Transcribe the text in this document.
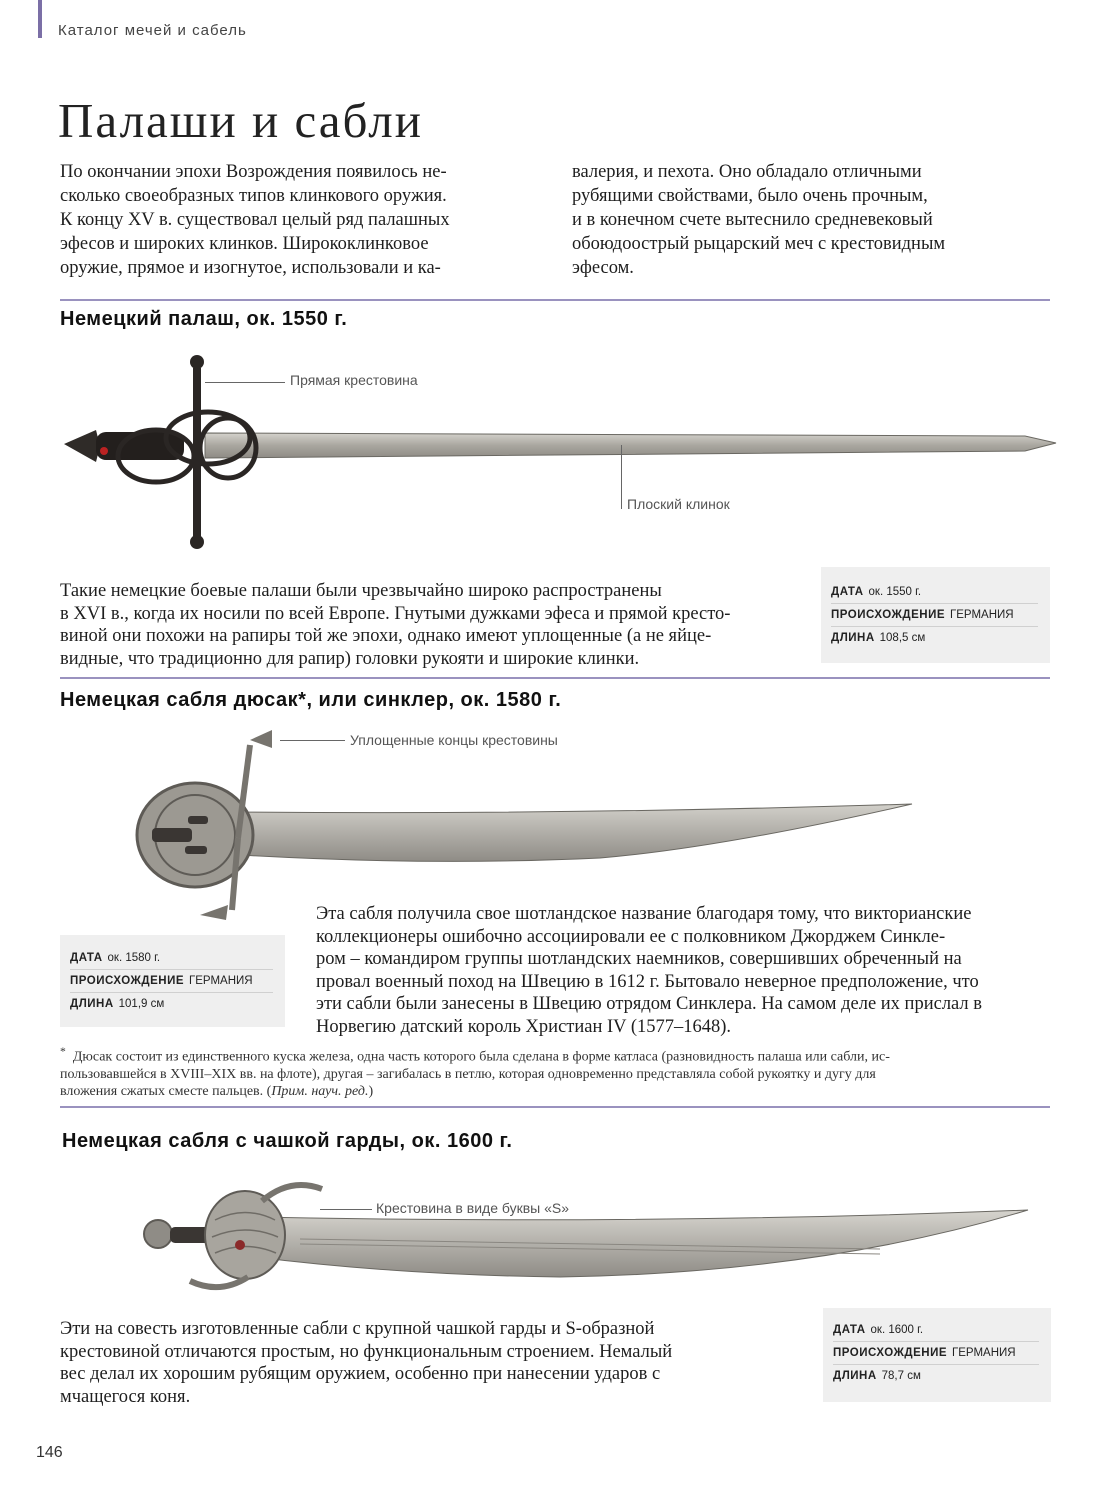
Каталог мечей и сабель
Палаши и сабли
По окончании эпохи Возрождения появилось не-
сколько своеобразных типов клинкового оружия.
К концу XV в. существовал целый ряд палашных
эфесов и широких клинков. Ширококлинковое
оружие, прямое и изогнутое, использовали и ка-
валерия, и пехота. Оно обладало отличными
рубящими свойствами, было очень прочным,
и в конечном счете вытеснило средневековый
обоюдоострый рыцарский меч с крестовидным
эфесом.
Немецкий палаш, ок. 1550 г.
Прямая крестовина
Плоский клинок
Такие немецкие боевые палаши были чрезвычайно широко распространены
в XVI в., когда их носили по всей Европе. Гнутыми дужками эфеса и прямой кресто-
виной они похожи на рапиры той же эпохи, однако имеют уплощенные (а не яйце-
видные, что традиционно для рапир) головки рукояти и широкие клинки.
ДАТА ок. 1550 г.
ПРОИСХОЖДЕНИЕ ГЕРМАНИЯ
ДЛИНА 108,5 см
Немецкая сабля дюсак*, или синклер, ок. 1580 г.
Уплощенные концы крестовины
Эта сабля получила свое шотландское название благодаря тому, что викторианские
коллекционеры ошибочно ассоциировали ее с полковником Джорджем Синкле-
ром – командиром группы шотландских наемников, совершивших обреченный на
провал военный поход на Швецию в 1612 г. Бытовало неверное предположение, что
эти сабли были занесены в Швецию отрядом Синклера. На самом деле их прислал в
Норвегию датский король Христиан IV (1577–1648).
ДАТА ок. 1580 г.
ПРОИСХОЖДЕНИЕ ГЕРМАНИЯ
ДЛИНА 101,9 см
* Дюсак состоит из единственного куска железа, одна часть которого была сделана в форме катласа (разновидность палаша или сабли, ис-
пользовавшейся в XVIII–XIX вв. на флоте), другая – загибалась в петлю, которая одновременно представляла собой рукоятку и дугу для
вложения сжатых сместе пальцев. (Прим. науч. ред.)
Немецкая сабля с чашкой гарды, ок. 1600 г.
Крестовина в виде буквы «S»
Эти на совесть изготовленные сабли с крупной чашкой гарды и S-образной
крестовиной отличаются простым, но функциональным строением. Немалый
вес делал их хорошим рубящим оружием, особенно при нанесении ударов с
мчащегося коня.
ДАТА ок. 1600 г.
ПРОИСХОЖДЕНИЕ ГЕРМАНИЯ
ДЛИНА 78,7 см
146
